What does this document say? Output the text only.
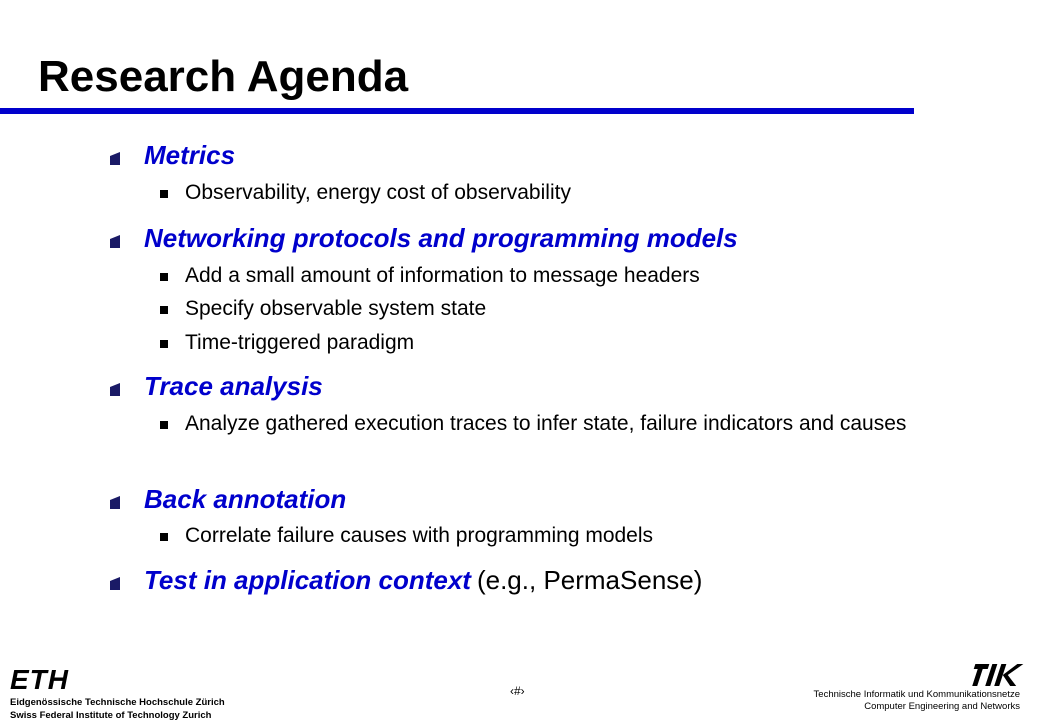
Research Agenda
Metrics
Observability, energy cost of observability
Networking protocols and programming models
Add a small amount of information to message headers
Specify observable system state
Time-triggered paradigm
Trace analysis
Analyze gathered execution traces to infer state, failure indicators and causes
Back annotation
Correlate failure causes with programming models
Test in application context (e.g., PermaSense)
ETH
Eidgenössische Technische Hochschule Zürich
Swiss Federal Institute of Technology Zurich
‹#›	Technische Informatik und Kommunikationsnetze
Computer Engineering and Networks
